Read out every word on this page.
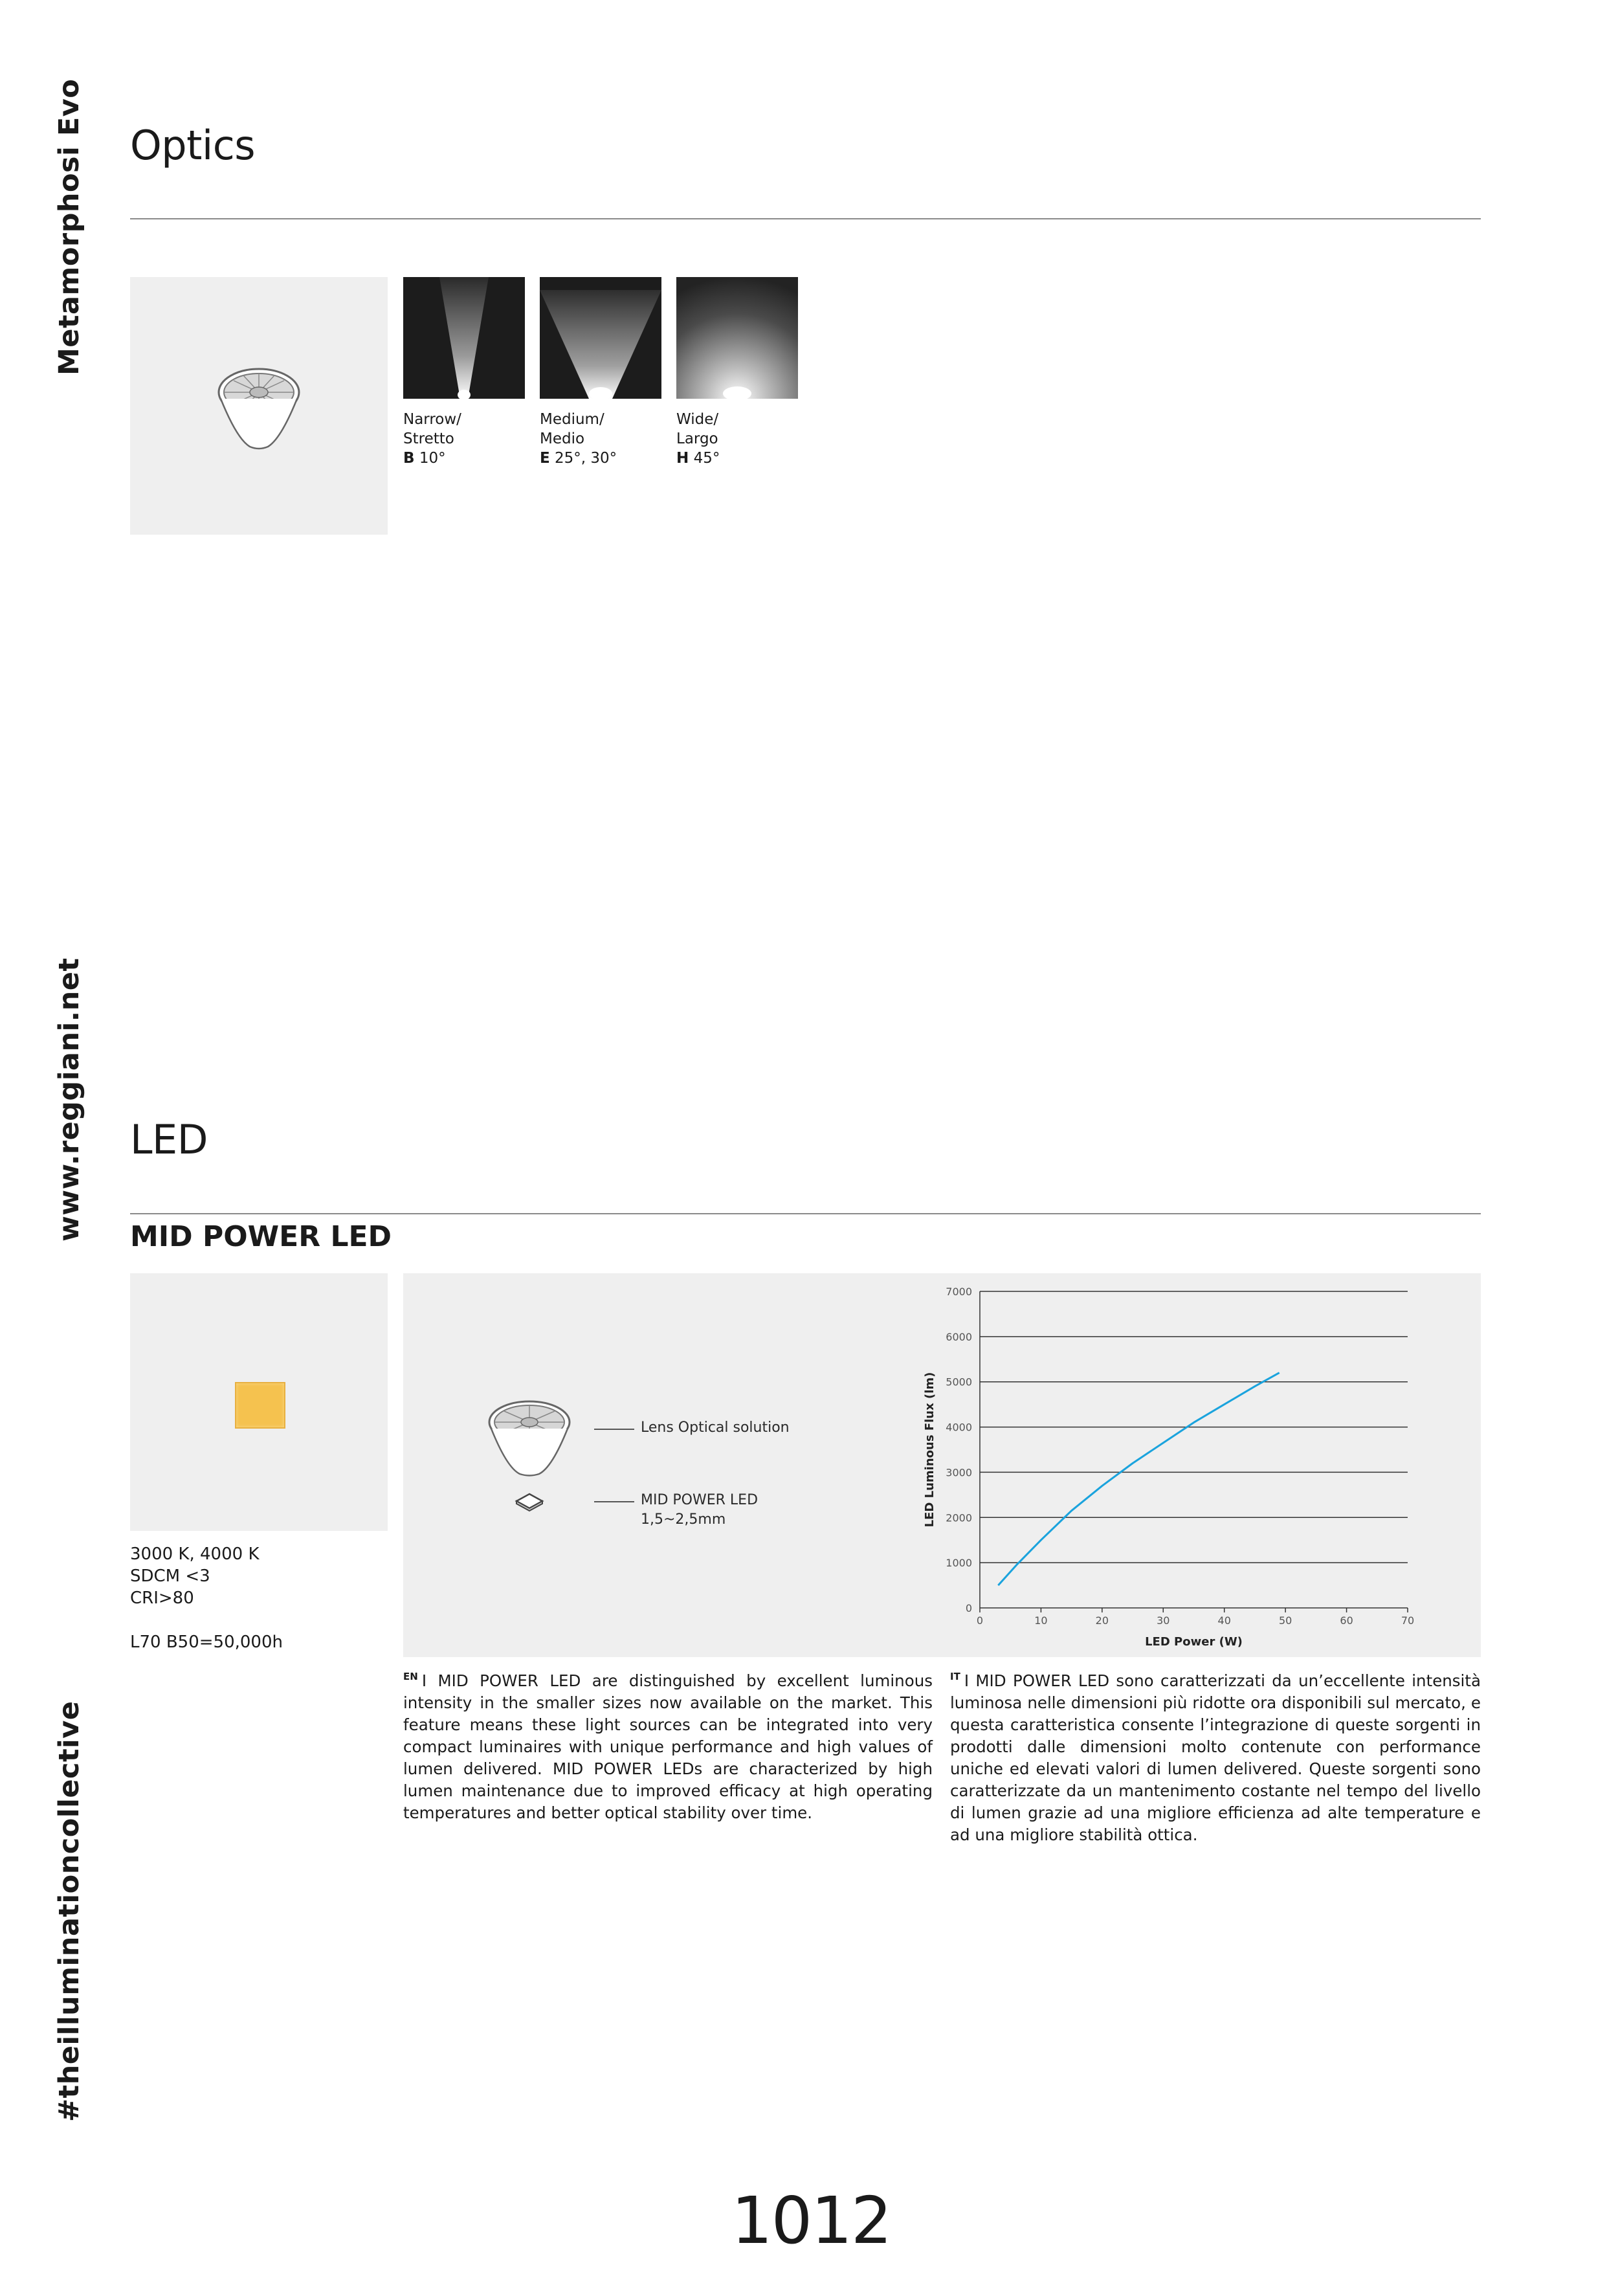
Metamorphosi Evo
www.reggiani.net
#theilluminationcollective
Optics
Narrow/
Stretto
B 10°
Medium/
Medio
E 25°, 30°
Wide/
Largo
H 45°
LED
MID POWER LED
3000 K, 4000 K
SDCM <3
CRI>80
L70 B50=50,000h
Lens Optical solution
MID POWER LED
1,5~2,5mm
0
1000
2000
3000
4000
5000
6000
7000
0	10	20	30	40	50	60	70
LED Power (W)
LED Luminous Flux (lm)
$^{EN}$ I MID POWER LED are distinguished by excellent luminous intensity in the smaller sizes now available on the market. This feature means these light sources can be integrated into very compact luminaires with unique performance and high values of lumen delivered. MID POWER LEDs are characterized by high lumen maintenance due to improved efficacy at high operating temperatures and better optical stability over time.
$^{IT}$ I MID POWER LED sono caratterizzati da un’eccellente intensità luminosa nelle dimensioni più ridotte ora disponibili sul mercato, e questa caratteristica consente l’integrazione di queste sorgenti in prodotti dalle dimensioni molto contenute con performance uniche ed elevati valori di lumen delivered. Queste sorgenti sono caratterizzate da un mantenimento costante nel tempo del livello di lumen grazie ad una migliore efficienza ad alte temperature e ad una migliore stabilità ottica.
1012
